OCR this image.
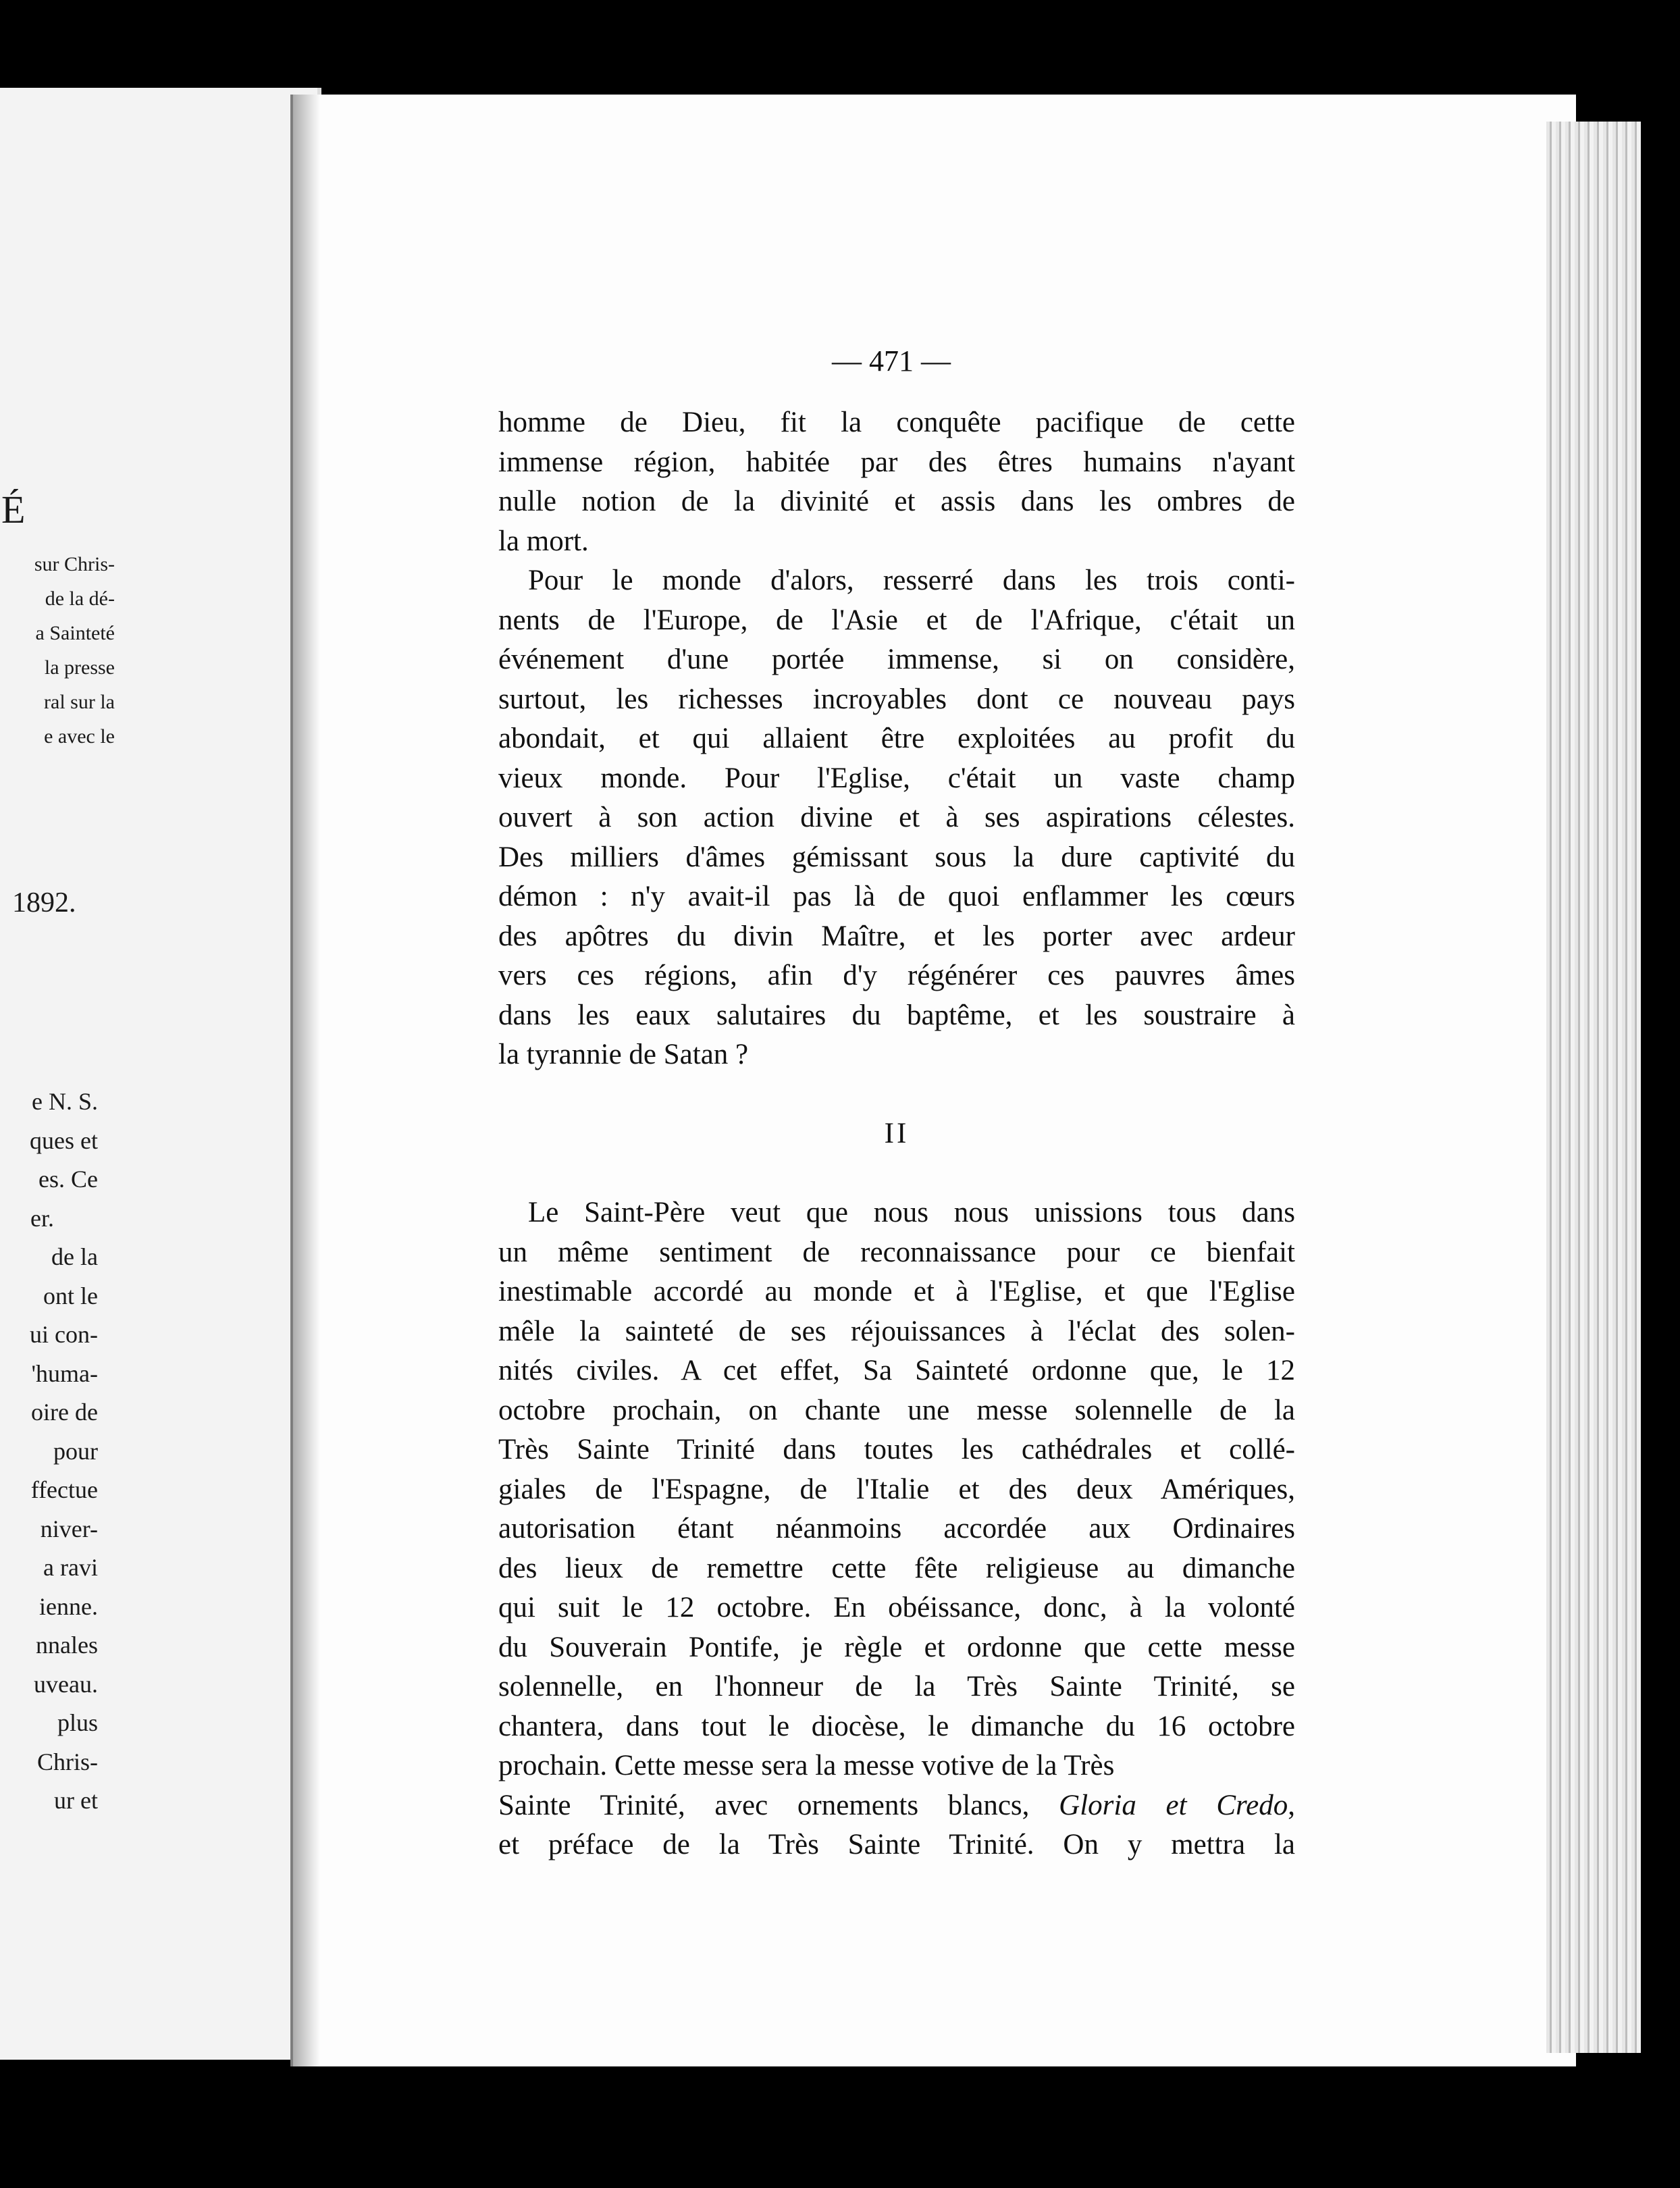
É

sur Chris-

de la dé-

a Sainteté

la presse

ral sur la

e avec le

1892.

e N. S.

ques et

es. Ce

er.

de la

ont le

ui con-

'huma-

oire de

pour

ffectue

niver-

a ravi

ienne.

nnales

uveau.

plus

Chris-

ur et

— 471 —

homme de Dieu, fit la conquête pacifique de cette
immense région, habitée par des êtres humains n'ayant
nulle notion de la divinité et assis dans les ombres de
la mort.
Pour le monde d'alors, resserré dans les trois conti-
nents de l'Europe, de l'Asie et de l'Afrique, c'était un
événement d'une portée immense, si on considère,
surtout, les richesses incroyables dont ce nouveau pays
abondait, et qui allaient être exploitées au profit du
vieux monde. Pour l'Eglise, c'était un vaste champ
ouvert à son action divine et à ses aspirations célestes.
Des milliers d'âmes gémissant sous la dure captivité du
démon : n'y avait-il pas là de quoi enflammer les cœurs
des apôtres du divin Maître, et les porter avec ardeur
vers ces régions, afin d'y régénérer ces pauvres âmes
dans les eaux salutaires du baptême, et les soustraire à
la tyrannie de Satan ?
II
Le Saint-Père veut que nous nous unissions tous dans
un même sentiment de reconnaissance pour ce bienfait
inestimable accordé au monde et à l'Eglise, et que l'Eglise
mêle la sainteté de ses réjouissances à l'éclat des solen-
nités civiles. A cet effet, Sa Sainteté ordonne que, le 12
octobre prochain, on chante une messe solennelle de la
Très Sainte Trinité dans toutes les cathédrales et collé-
giales de l'Espagne, de l'Italie et des deux Amériques,
autorisation étant néanmoins accordée aux Ordinaires
des lieux de remettre cette fête religieuse au dimanche
qui suit le 12 octobre. En obéissance, donc, à la volonté
du Souverain Pontife, je règle et ordonne que cette messe
solennelle, en l'honneur de la Très Sainte Trinité, se
chantera, dans tout le diocèse, le dimanche du 16 octobre
prochain. Cette messe sera la messe votive de la Très
Sainte Trinité, avec ornements blancs, Gloria et Credo,
et préface de la Très Sainte Trinité. On y mettra la
